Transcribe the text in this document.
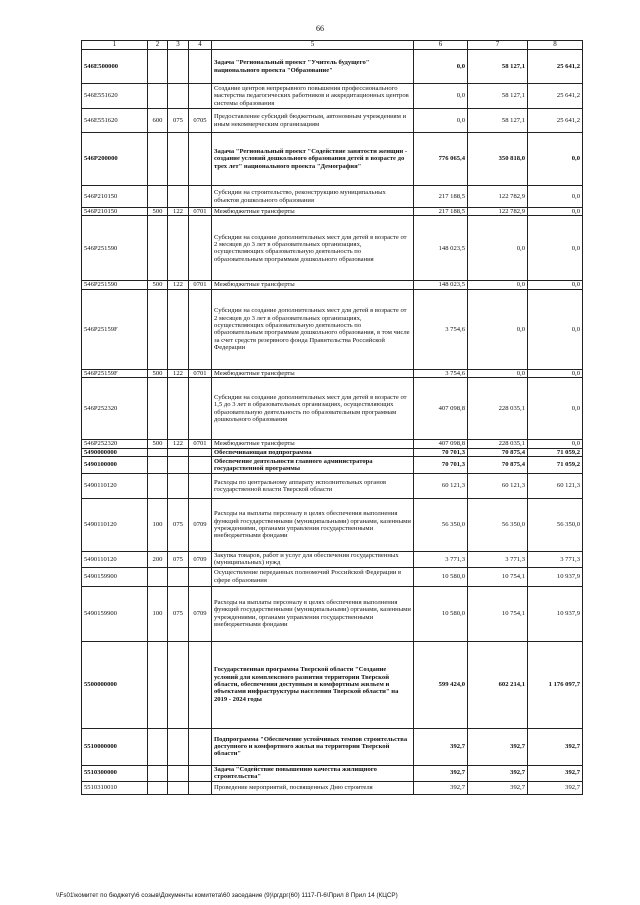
66
1	2	3	4	5	6	7	8
546E500000				Задача "Региональный проект "Учитель будущего" национального проекта "Образование"	0,0	58 127,1	25 641,2
546E551620				Создание центров непрерывного повышения профессионального мастерства педагогических работников и аккредитационных центров системы образования	0,0	58 127,1	25 641,2
546E551620	600	075	0705	Предоставление субсидий бюджетным, автономным учреждениям и иным некоммерческим организациям	0,0	58 127,1	25 641,2
546P200000				Задача "Региональный проект "Содействие занятости женщин - создание условий дошкольного образования детей в возрасте до трех лет" национального проекта "Демография"	776 065,4	350 818,0	0,0
546P210150				Субсидии на строительство, реконструкцию муниципальных объектов дошкольного образования	217 188,5	122 782,9	0,0
546P210150	500	122	0701	Межбюджетные трансферты	217 188,5	122 782,9	0,0
546P251590				Субсидии на создание дополнительных мест для детей в возрасте от 2 месяцев до 3 лет в образовательных организациях, осуществляющих образовательную деятельность по образовательным программам дошкольного образования	148 023,5	0,0	0,0
546P251590	500	122	0701	Межбюджетные трансферты	148 023,5	0,0	0,0
546P25159F				Субсидии на создание дополнительных мест для детей в возрасте от 2 месяцев до 3 лет в образовательных организациях, осуществляющих образовательную деятельность по образовательным программам дошкольного образования, в том числе за счет средств резервного фонда Правительства Российской Федерации	3 754,6	0,0	0,0
546P25159F	500	122	0701	Межбюджетные трансферты	3 754,6	0,0	0,0
546P252320				Субсидии на создание дополнительных мест для детей в возрасте от 1,5 до 3 лет в образовательных организациях, осуществляющих образовательную деятельность по образовательным программам дошкольного образования	407 098,8	228 035,1	0,0
546P252320	500	122	0701	Межбюджетные трансферты	407 098,8	228 035,1	0,0
5490000000				Обеспечивающая подпрограмма	70 701,3	70 875,4	71 059,2
5490100000				Обеспечение деятельности главного администратора государственной программы	70 701,3	70 875,4	71 059,2
5490110120				Расходы по центральному аппарату исполнительных органов государственной власти Тверской области	60 121,3	60 121,3	60 121,3
5490110120	100	075	0709	Расходы на выплаты персоналу в целях обеспечения выполнения функций государственными (муниципальными) органами, казенными учреждениями, органами управления государственными внебюджетными фондами	56 350,0	56 350,0	56 350,0
5490110120	200	075	0709	Закупка товаров, работ и услуг для обеспечения государственных (муниципальных) нужд	3 771,3	3 771,3	3 771,3
5490159900				Осуществление переданных полномочий Российской Федерации в сфере образования	10 580,0	10 754,1	10 937,9
5490159900	100	075	0709	Расходы на выплаты персоналу в целях обеспечения выполнения функций государственными (муниципальными) органами, казенными учреждениями, органами управления государственными внебюджетными фондами	10 580,0	10 754,1	10 937,9
5500000000				Государственная программа Тверской области "Создание условий для комплексного развития территории Тверской области, обеспечения доступным и комфортным жильем и объектами инфраструктуры населения Тверской области" на 2019 - 2024 годы	599 424,0	602 214,1	1 176 097,7
5510000000				Подпрограмма "Обеспечение устойчивых темпов строительства доступного и комфортного жилья на территории Тверской области"	392,7	392,7	392,7
5510300000				Задача "Содействие повышению качества жилищного строительства"	392,7	392,7	392,7
5510310010				Проведение мероприятий, посвященных Дню строителя	392,7	392,7	392,7
\\Fs01\комитет по бюджету\6 созыв\Документы комитета\60 заседание (9)\ргдрг(60) 1117-П-6\Прил 8 Прил 14 (КЦСР)
